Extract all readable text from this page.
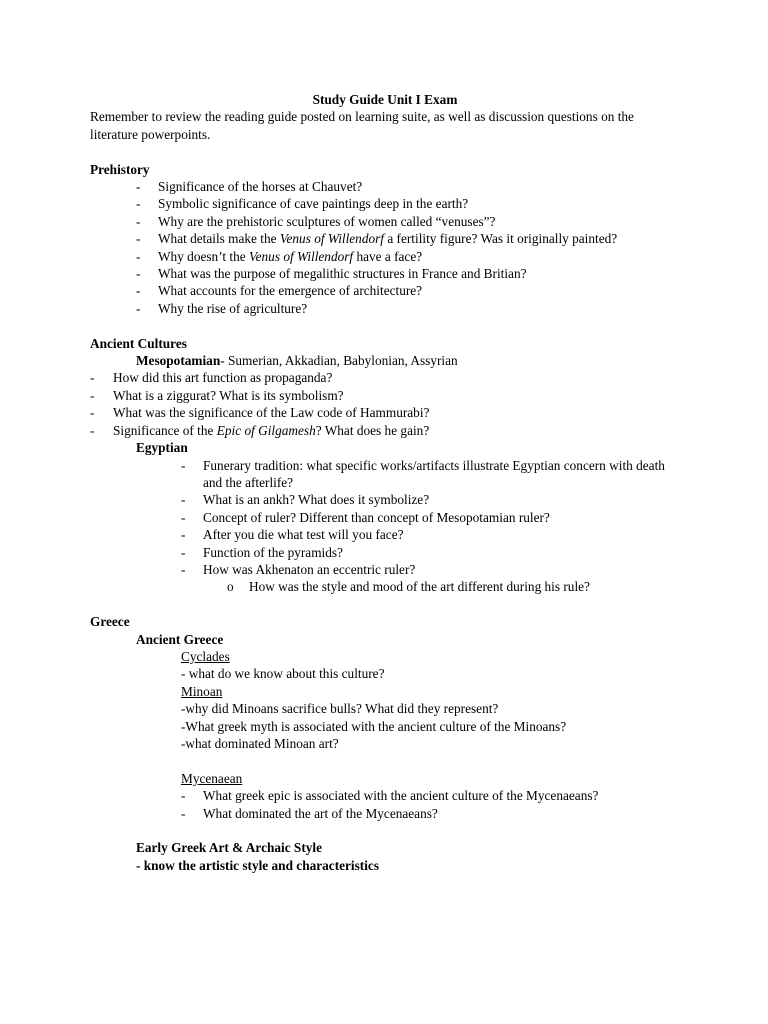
Study Guide Unit I Exam

Remember to review the reading guide posted on learning suite, as well as discussion questions on the literature powerpoints.

Prehistory
- Significance of the horses at Chauvet?
- Symbolic significance of cave paintings deep in the earth?
- Why are the prehistoric sculptures of women called “venuses”?
- What details make the Venus of Willendorf a fertility figure? Was it originally painted?
- Why doesn’t the Venus of Willendorf have a face?
- What was the purpose of megalithic structures in France and Britian?
- What accounts for the emergence of architecture?
- Why the rise of agriculture?
Ancient Cultures
Mesopotamian- Sumerian, Akkadian, Babylonian, Assyrian
- How did this art function as propaganda?
- What is a ziggurat? What is its symbolism?
- What was the significance of the Law code of Hammurabi?
- Significance of the Epic of Gilgamesh? What does he gain?
Egyptian
- Funerary tradition: what specific works/artifacts illustrate Egyptian concern with death and the afterlife?
- What is an ankh? What does it symbolize?
- Concept of ruler? Different than concept of Mesopotamian ruler?
- After you die what test will you face?
- Function of the pyramids?
- How was Akhenaton an eccentric ruler?
o How was the style and mood of the art different during his rule?
Greece
Ancient Greece
Cyclades
- what do we know about this culture?
Minoan
-why did Minoans sacrifice bulls? What did they represent?
-What greek myth is associated with the ancient culture of the Minoans?
-what dominated Minoan art?
Mycenaean
- What greek epic is associated with the ancient culture of the Mycenaeans?
- What dominated the art of the Mycenaeans?
Early Greek Art & Archaic Style
- know the artistic style and characteristics
